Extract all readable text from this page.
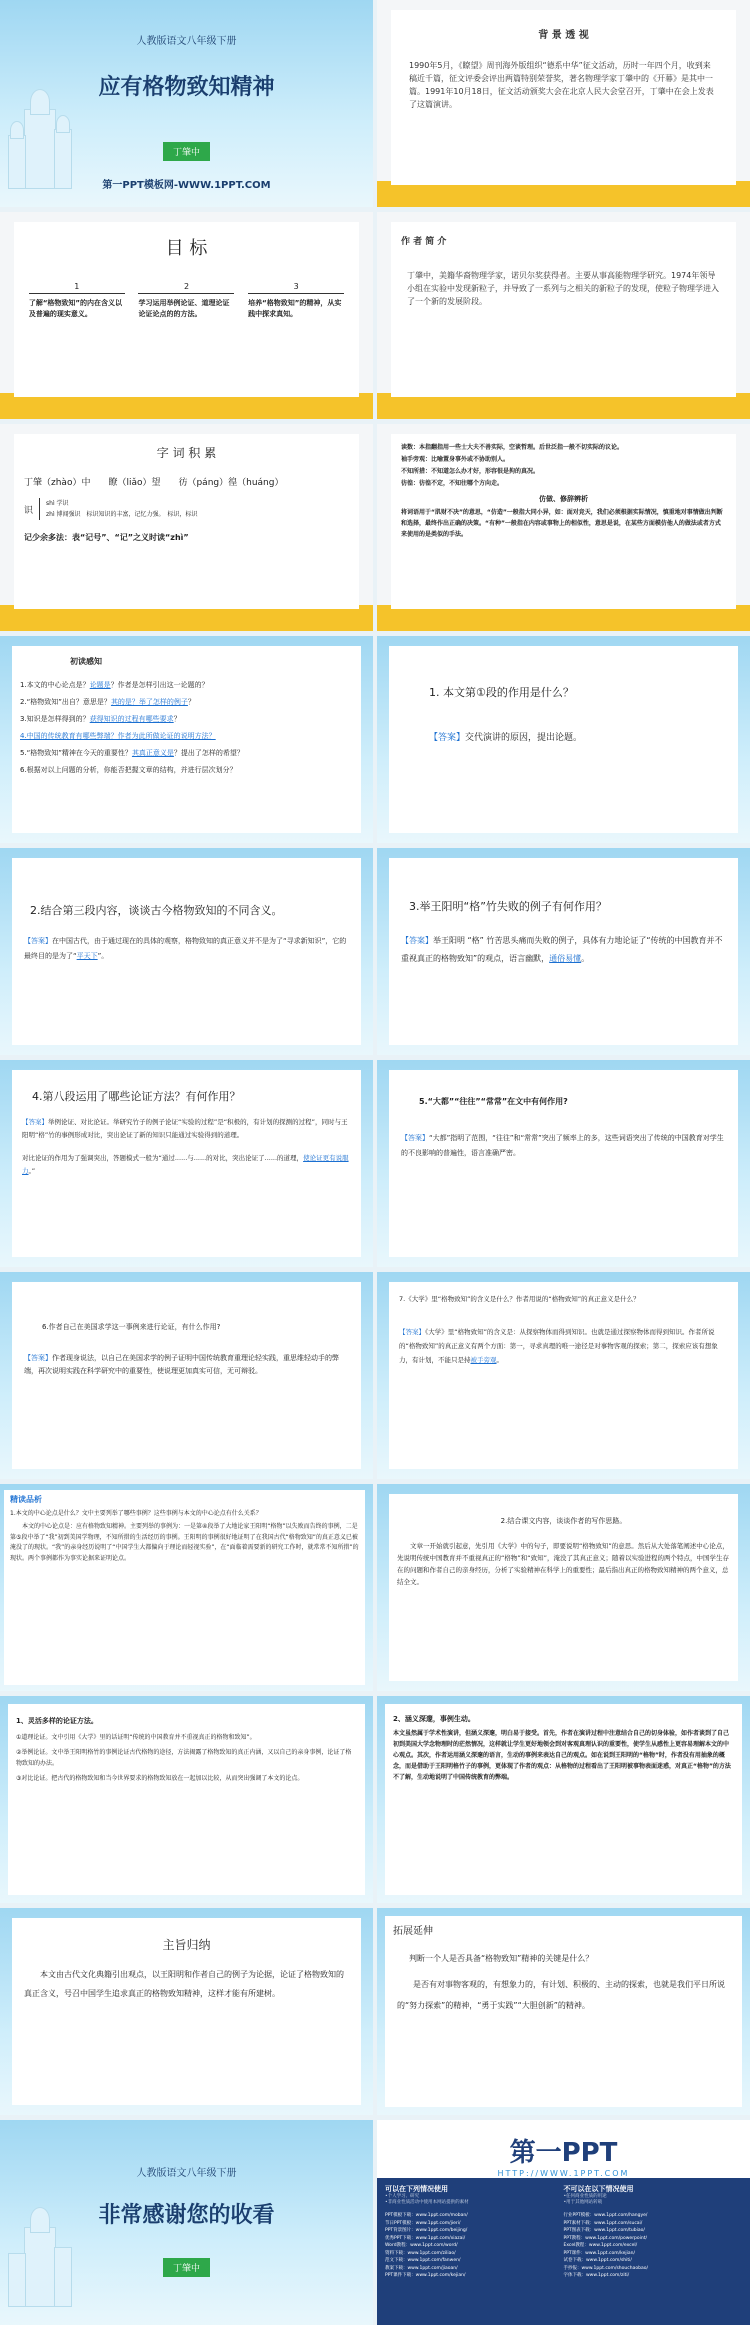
人教版语文八年级下册
应有格物致知精神
丁肇中
第一PPT模板网-WWW.1PPT.COM
背 景 透 视
1990年5月，《瞭望》周刊海外版组织“德系中华”征文活动，历时一年四个月，收到来稿近千篇，征文评委会评出两篇特别荣誉奖，著名物理学家丁肇中的《开幕》是其中一篇。1991年10月18日，征文活动颁奖大会在北京人民大会堂召开，丁肇中在会上发表了这篇演讲。
目 标
1
了解“格物致知”的内在含义以及普遍的现实意义。
2
学习运用举例论证、道理论证论证论点的的方法。
3
培养“格物致知”的精神，从实践中探求真知。
作 者 简 介
丁肇中，美籍华裔物理学家，诺贝尔奖获得者。主要从事高能物理学研究。1974年领导小组在实验中发现新粒子，并导致了一系列与之相关的新粒子的发现，使粒子物理学进入了一个新的发展阶段。
字 词 积 累
丁肇（zhào）中　　瞭（liǎo）望　　彷（páng）徨（huáng）
识
shì 学识
zhì 博闻强识　标识知识的丰富，记忆力强。　标识，标识
记少余多法：表“记号”、“记”之义时读“zhì”
读数：本指翻指用一些士大夫不善实际，空谈哲理。后世泛指一般不切实际的议论。
袖手旁观：比喻置身事外或不协助别人。
不知所措：不知道怎么办才好，形容很是拘的真况。
彷徨：彷徨不定，不知往哪个方向走。
仿做、修辞辨析
将词语用于“肌财不决”的意思，“仿造”一般指大同小异，如：面对竞天，我们必须根据实际情况，慎重地对事情做出判断和选择，最终作出正确的决策。“有种”一般指在内容或事物上的相似性，意思是说，在某些方面模仿他人的做法或者方式来使用的是类似的手法。
初读感知
1.本文的中心论点是？论题是？作者是怎样引出这一论题的？
2.“格物致知”出自？意思是？其的是？举了怎样的例子？
3.知识是怎样得到的？获得知识的过程有哪些要求？
4.中国的传统教育有哪些弊端？作者为此所做论证的说明方法？
5.“格物致知”精神在今天的重要性？其真正意义是？提出了怎样的希望？
6.根据对以上问题的分析，你能否把握文章的结构，并进行层次划分？
1. 本文第①段的作用是什么？
【答案】交代演讲的原因，提出论题。
2.结合第三段内容，谈谈古今格物致知的不同含义。
【答案】在中国古代，由于通过现在的具体的观察，格物致知的真正意义并不是为了“寻求新知识”，它的最终目的是为了“平天下”。
3.举王阳明“格”竹失败的例子有何作用？
【答案】举王阳明 “格” 竹苦思头痛而失败的例子，具体有力地论证了“传统的中国教育并不重视真正的格物致知”的观点，语言幽默，通俗易懂。
4.第八段运用了哪些论证方法？有何作用？
【答案】举例论证、对比论证。举研究竹子的例子论证“实验的过程”是“积极的，有计划的探测的过程”，同时与王阳明“格”竹的事例形成对比，突出论证了新的知识只能通过实验得到的道理。
对比论证的作用为了强调突出，答题模式一般为“通过......与......的对比，突出论证了......的道理，使论证更有说服力。”
5.“大都”“往往”“常常”在文中有何作用?
【答案】“大都”指明了范围，“往往”和“常常”突出了频率上的多，这些词语突出了传统的中国教育对学生的不良影响的普遍性，语言准确严密。
6.作者自己在美国求学这一事例来进行论证，有什么作用?
【答案】作者现身说法，以自己在美国求学的例子证明中国传统教育重理论轻实践，重思维轻动手的弊端，再次说明实践在科学研究中的重要性，使说理更加真实可信，无可辩驳。
7.《大学》里“格物致知”的含义是什么？作者用说的“格物致知”的真正意义是什么？
【答案】《大学》里“格物致知”的含义是：从探察物体而得到知识。也就是通过探察物体而得到知识。作者所说的“格物致知”的真正意义有两个方面：第一，寻求真理的唯一途径是对事物客观的探索；第二，探索应该有想象力，有计划，不能只是持被手旁观。
精读品析
1.本文的中心论点是什么？文中主要列举了哪些事例？这些事例与本文的中心论点有什么关系？
本文的中心论点是：应有格物致知精神。主要列举的事例为：一是第④段举了大地论家王阳明“格物”以失败而告终的事例，二是第⑤段中举了“我”初到美国学物理，不知所措的生活经历的事例。王阳明的事例很好地证明了在我国古代“格物致知”的真正意义已被淹没了的现状。“我”的亲身经历说明了“中国学生大都偏向于理论而轻视实验”，在“面临着需要新的研究工作时，就常常不知所措”的现状。两个事例都作为事实论据来证明论点。
2.结合课文内容，谈谈作者的写作思路。
文章一开始就引起意，先引用《大学》中的句子，即要说明“格物致知”的意思。然后从大处落笔阐述中心论点，先说明传统中国教育并不重视真正的“格物”和“致知”，淹没了其真正意义；随着以实验进程的两个特点，中国学生存在的问题和作者自己的亲身经历，分析了实验精神在科学上的重要性；最后指出真正的格物致知精神的两个意义，总结全文。
1、灵活多样的论证方法。
①道理论证。文中引用《大学》里的话证明“传统的中国教育并不重视真正的格物和致知”。
②举例论证。文中举王阳明格竹的事例论证古代格物的途径，方法揭露了格物致知的真正内涵，又以自己的亲身事例，论证了格物致知的办法。
③对比论证。把古代的格物致知和当今世界要求的格物致知放在一起加以比较，从而突出强调了本文的论点。
2、涵义深邃，事例生动。
本文虽然属于学术性演讲，但涵义深邃，明白易于接受。首先，作者在演讲过程中注意结合自己的切身体验，如作者谈到了自己初到美国大学念物理时的茫然情况，这样就让学生更好地领会到对客观真理认识的重要性，使学生从感性上更容易理解本文的中心观点。其次，作者运用涵义深邃的语言，生动的事例来表达自己的观点。如在说到王阳明的“格物”时，作者没有用抽象的概念，而是借助于王阳明格竹子的事例，更体现了作者的观点：从格物的过程看出了王阳明被事物表面迷惑，对真正“格物”的方法不了解，生动地说明了中国传统教育的弊端。
主旨归纳
本文由古代文化典籍引出观点，以王阳明和作者自己的例子为论据，论证了格物致知的真正含义，号召中国学生追求真正的格物致知精神，这样才能有所建树。
拓展延伸
判断一个人是否具备“格物致知”精神的关键是什么？
是否有对事物客观的，有想象力的，有计划、积极的、主动的探索，也就是我们平日所说的“努力探索”的精神，“勇于实践”“大胆创新”的精神。
人教版语文八年级下册
非常感谢您的收看
丁肇中
第一PPT
HTTP://WWW.1PPT.COM
可以在下列情况使用
•个人学习、研究
•非商业性质活动中使用本网站提供的素材
PPT模板下载：www.1ppt.com/moban/
节日PPT模板：www.1ppt.com/jieri/
PPT背景图片：www.1ppt.com/beijing/
优秀PPT下载：www.1ppt.com/xiazai/
Word教程：www.1ppt.com/word/
资料下载：www.1ppt.com/ziliao/
范文下载：www.1ppt.com/fanwen/
教案下载：www.1ppt.com/jiaoan/
PPT课件下载：www.1ppt.com/kejian/
不可以在以下情况使用
•任何商业性质的用途
•用于其他网站转载
行业PPT模板：www.1ppt.com/hangye/
PPT素材下载：www.1ppt.com/sucai/
PPT图表下载：www.1ppt.com/tubiao/
PPT教程：www.1ppt.com/powerpoint/
Excel教程：www.1ppt.com/excel/
PPT课件：www.1ppt.com/kejian/
试卷下载：www.1ppt.com/shiti/
手抄报：www.1ppt.com/shouchaobao/
字体下载：www.1ppt.com/ziti/
